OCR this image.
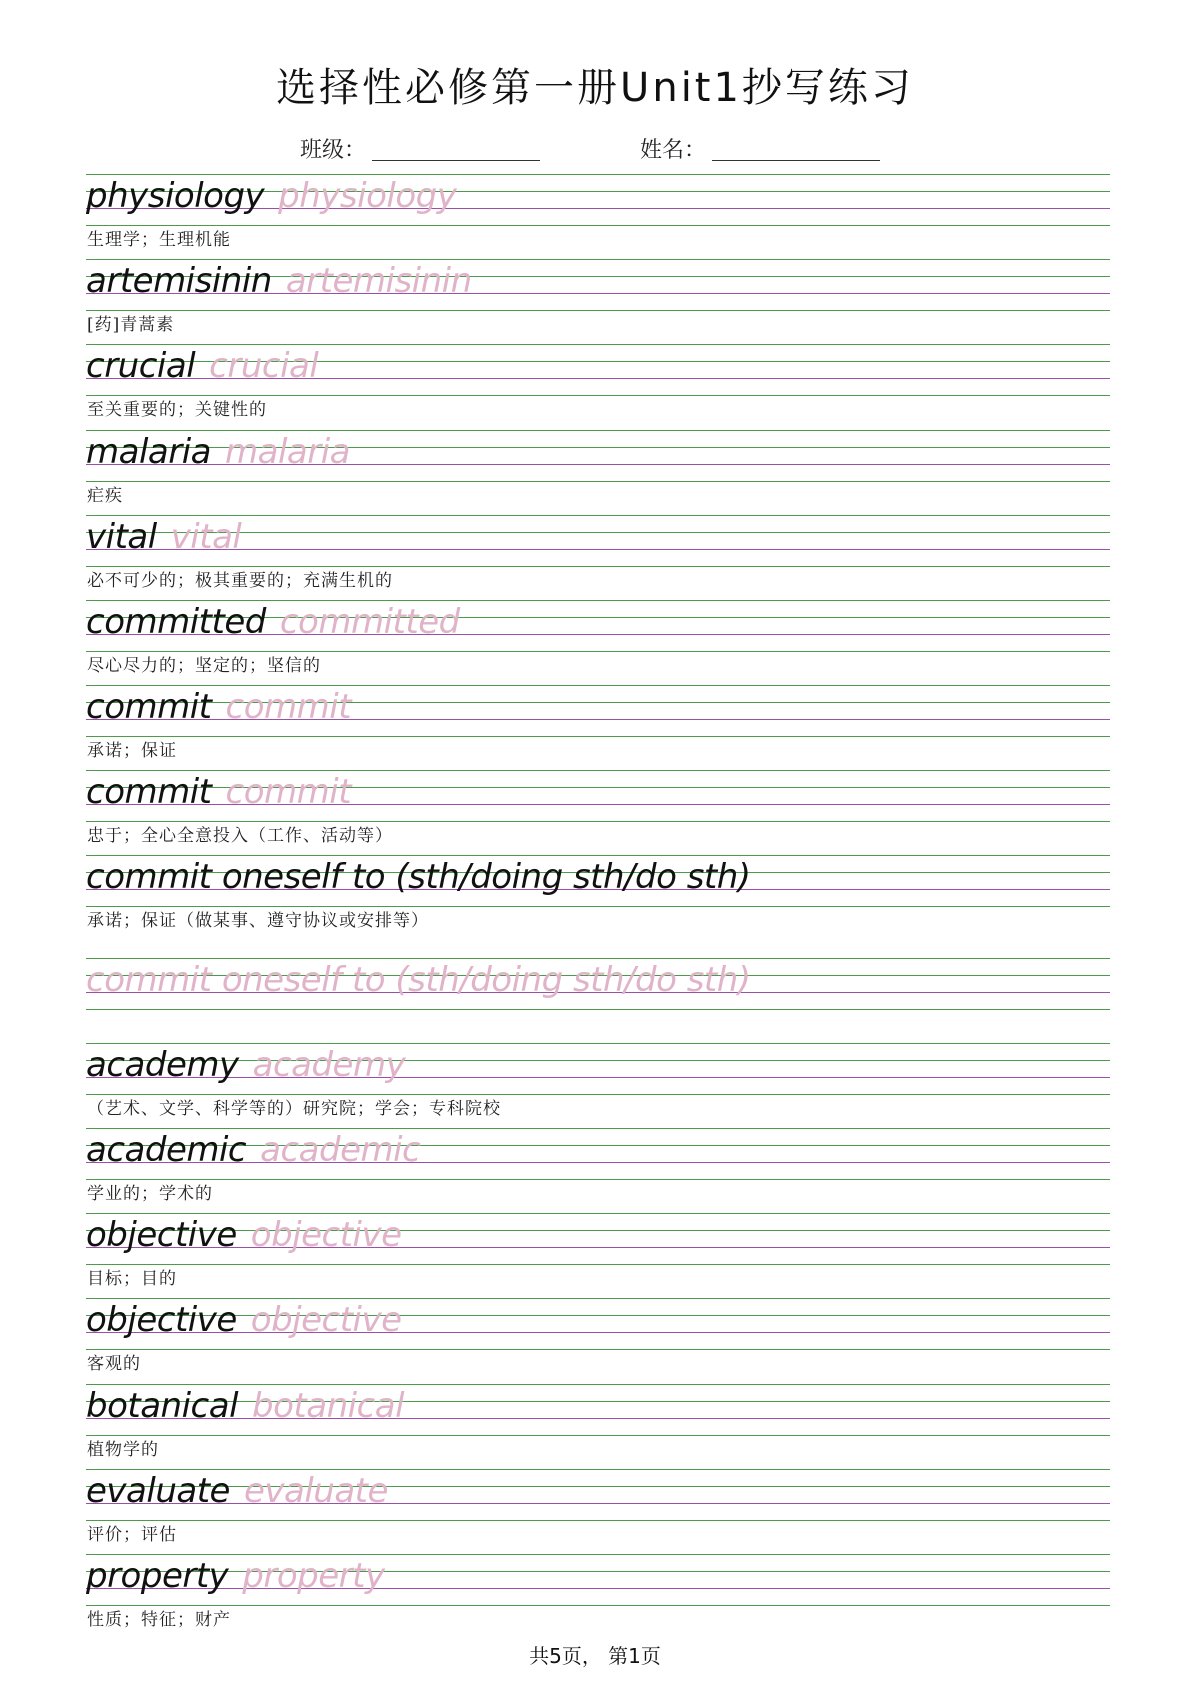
选择性必修第一册Unit1抄写练习
班级：	姓名：
physiology physiology
生理学；生理机能
artemisinin artemisinin
[药]青蒿素
crucial crucial
至关重要的；关键性的
malaria malaria
疟疾
vital vital
必不可少的；极其重要的；充满生机的
committed committed
尽心尽力的；坚定的；坚信的
commit commit
承诺；保证
commit commit
忠于；全心全意投入（工作、活动等）
commit oneself to (sth/doing sth/do sth)
承诺；保证（做某事、遵守协议或安排等）
commit oneself to (sth/doing sth/do sth)
academy academy
（艺术、文学、科学等的）研究院；学会；专科院校
academic academic
学业的；学术的
objective objective
目标；目的
objective objective
客观的
botanical botanical
植物学的
evaluate evaluate
评价；评估
property property
性质；特征；财产
共5页， 第1页
